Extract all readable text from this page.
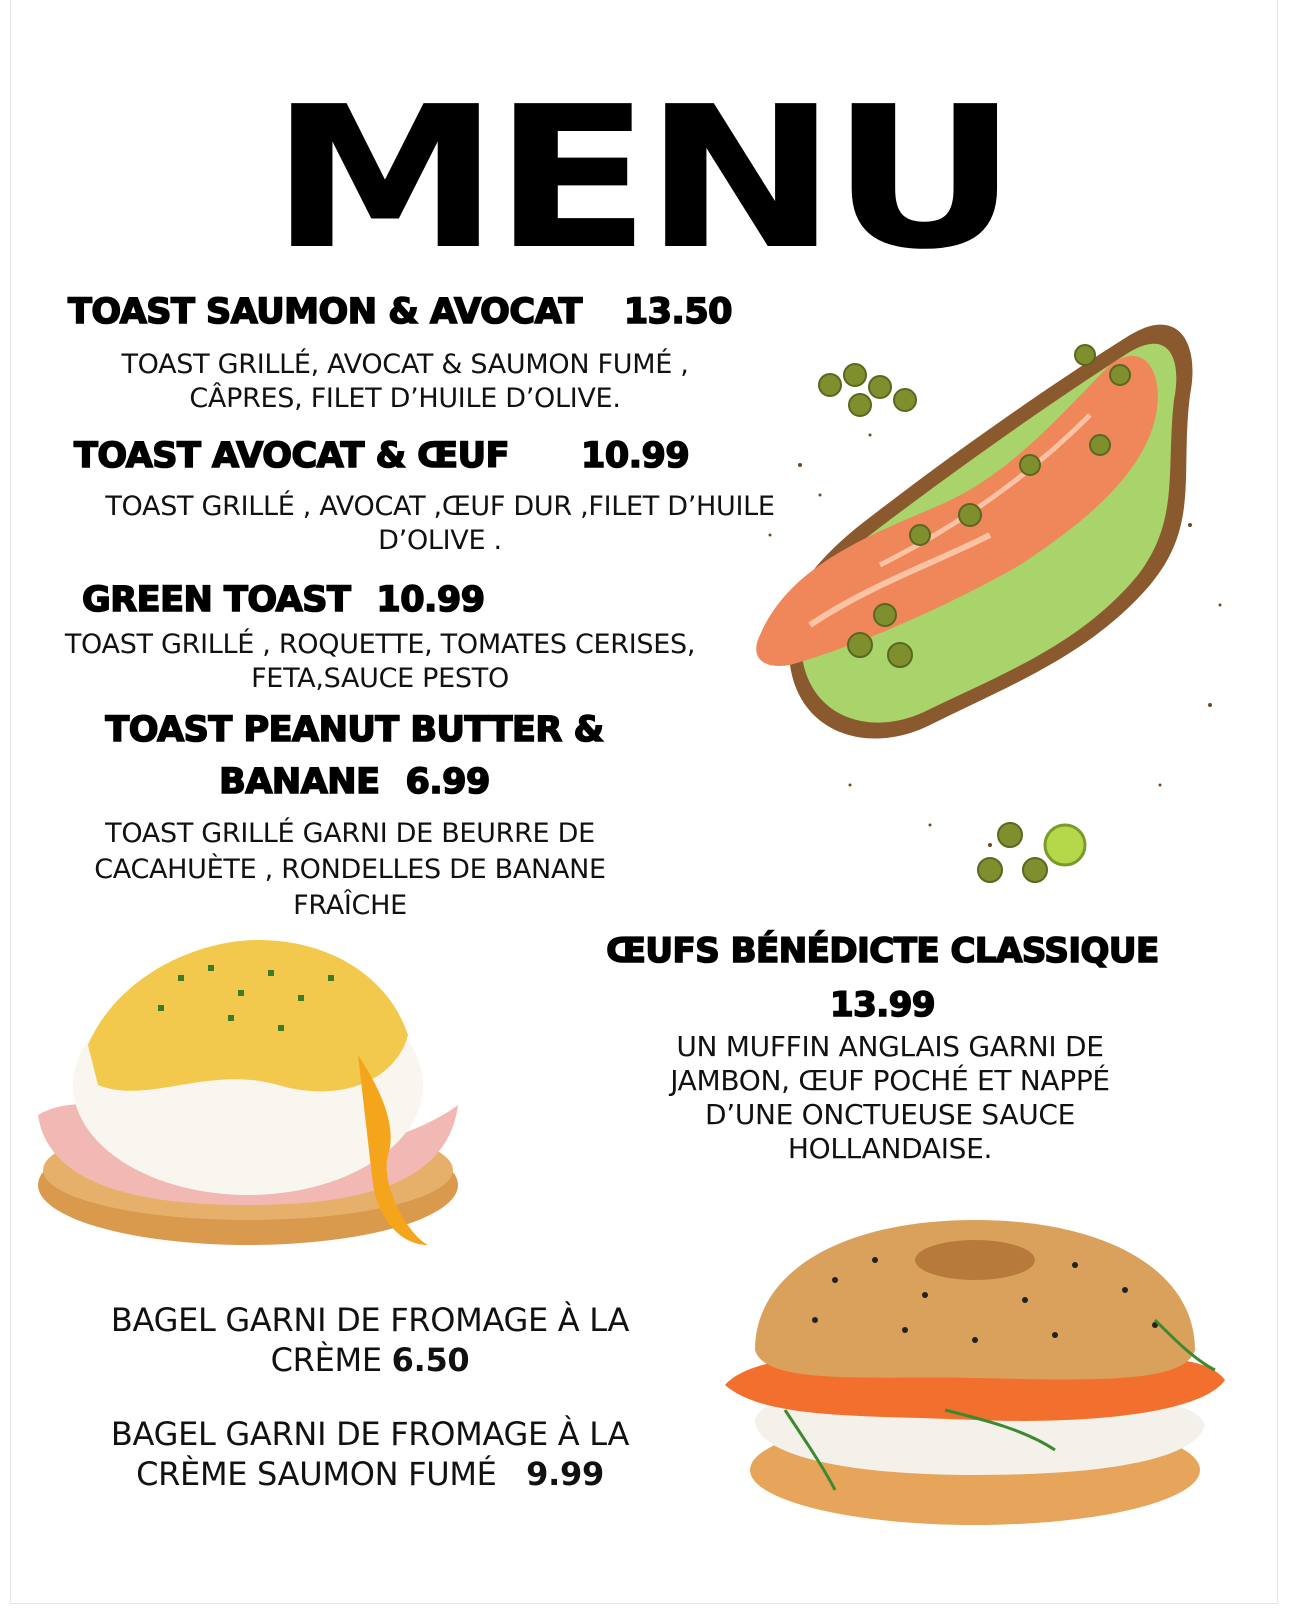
MENU
TOAST SAUMON & AVOCAT 13.50
TOAST GRILLÉ, AVOCAT & SAUMON FUMÉ ,
CÂPRES, FILET D’HUILE D’OLIVE.
TOAST AVOCAT & ŒUF 10.99
TOAST GRILLÉ , AVOCAT ,ŒUF DUR ,FILET D’HUILE
D’OLIVE .
GREEN TOAST 10.99
TOAST GRILLÉ , ROQUETTE, TOMATES CERISES,
FETA,SAUCE PESTO
TOAST PEANUT BUTTER &
BANANE 6.99
TOAST GRILLÉ GARNI DE BEURRE DE
CACAHUÈTE , RONDELLES DE BANANE
FRAÎCHE
ŒUFS BÉNÉDICTE CLASSIQUE
13.99
UN MUFFIN ANGLAIS GARNI DE
JAMBON, ŒUF POCHÉ ET NAPPÉ
D’UNE ONCTUEUSE SAUCE
HOLLANDAISE.
BAGEL GARNI DE FROMAGE À LA
CRÈME 6.50
BAGEL GARNI DE FROMAGE À LA
CRÈME SAUMON FUMÉ 9.99
